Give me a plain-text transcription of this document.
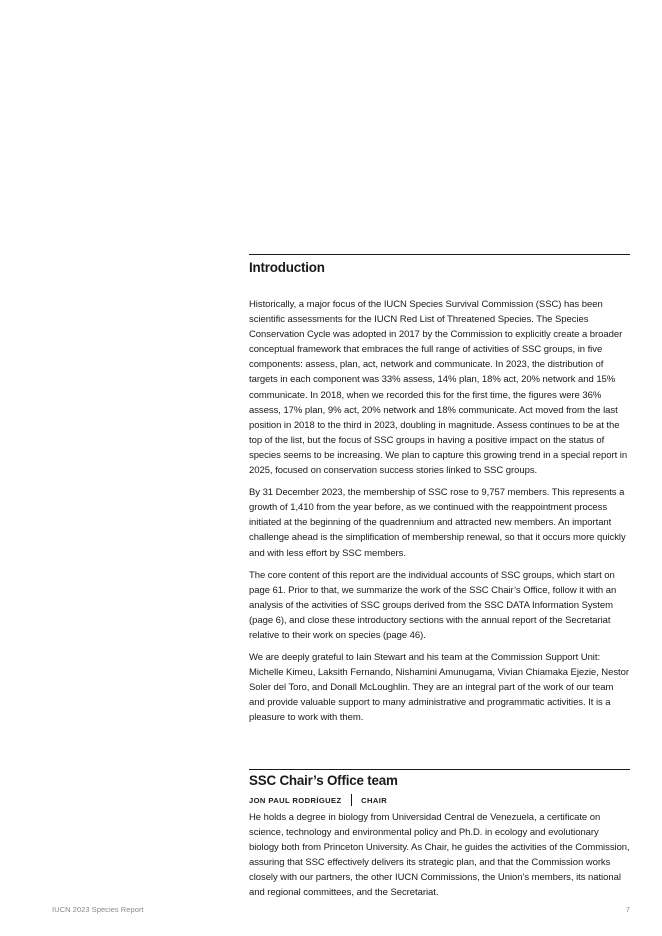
Introduction

Historically, a major focus of the IUCN Species Survival Commission (SSC) has been scientific assessments for the IUCN Red List of Threatened Species. The Species Conservation Cycle was adopted in 2017 by the Commission to explicitly create a broader conceptual framework that embraces the full range of activities of SSC groups, in five components: assess, plan, act, network and communicate. In 2023, the distribution of targets in each component was 33% assess, 14% plan, 18% act, 20% network and 15% communicate. In 2018, when we recorded this for the first time, the figures were 36% assess, 17% plan, 9% act, 20% network and 18% communicate. Act moved from the last position in 2018 to the third in 2023, doubling in magnitude. Assess continues to be at the top of the list, but the focus of SSC groups in having a positive impact on the status of species seems to be increasing. We plan to capture this growing trend in a special report in 2025, focused on conservation success stories linked to SSC groups.

By 31 December 2023, the membership of SSC rose to 9,757 members. This represents a growth of 1,410 from the year before, as we continued with the reappointment process initiated at the beginning of the quadrennium and attracted new members. An important challenge ahead is the simplification of membership renewal, so that it occurs more quickly and with less effort by SSC members.

The core content of this report are the individual accounts of SSC groups, which start on page 61. Prior to that, we summarize the work of the SSC Chair’s Office, follow it with an analysis of the activities of SSC groups derived from the SSC DATA Information System (page 6), and close these introductory sections with the annual report of the Secretariat relative to their work on species (page 46).

We are deeply grateful to Iain Stewart and his team at the Commission Support Unit: Michelle Kimeu, Laksith Fernando, Nishamini Amunugama, Vivian Chiamaka Ejezie, Nestor Soler del Toro, and Donall McLoughlin. They are an integral part of the work of our team and provide valuable support to many administrative and programmatic activities. It is a pleasure to work with them.

SSC Chair’s Office team
JON PAUL RODRÍGUEZ	CHAIR

He holds a degree in biology from Universidad Central de Venezuela, a certificate on science, technology and environmental policy and Ph.D. in ecology and evolutionary biology both from Princeton University. As Chair, he guides the activities of the Commission, assuring that SSC effectively delivers its strategic plan, and that the Commission works closely with our partners, the other IUCN Commissions, the Union’s members, its national and regional committees, and the Secretariat.

IUCN 2023 Species Report	7
